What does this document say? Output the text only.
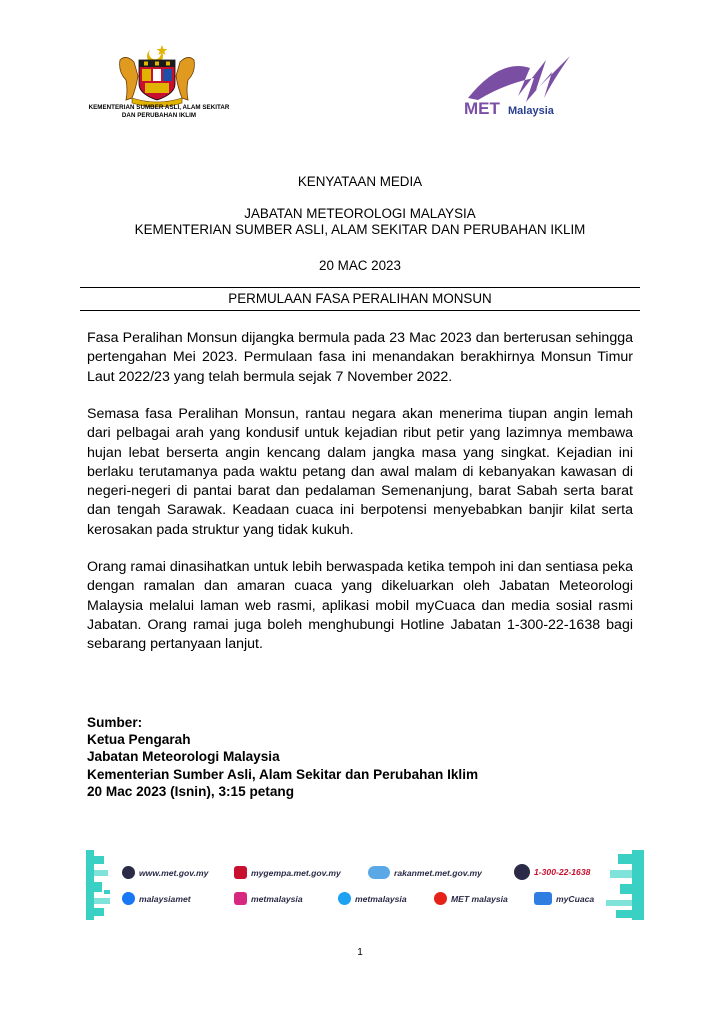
KEMENTERIAN SUMBER ASLI, ALAM SEKITAR
DAN PERUBAHAN IKLIM	MET Malaysia
KENYATAAN MEDIA
JABATAN METEOROLOGI MALAYSIA
KEMENTERIAN SUMBER ASLI, ALAM SEKITAR DAN PERUBAHAN IKLIM
20 MAC 2023
PERMULAAN FASA PERALIHAN MONSUN

Fasa Peralihan Monsun dijangka bermula pada 23 Mac 2023 dan berterusan sehingga pertengahan Mei 2023. Permulaan fasa ini menandakan berakhirnya Monsun Timur Laut 2022/23 yang telah bermula sejak 7 November 2022.

Semasa fasa Peralihan Monsun, rantau negara akan menerima tiupan angin lemah dari pelbagai arah yang kondusif untuk kejadian ribut petir yang lazimnya membawa hujan lebat berserta angin kencang dalam jangka masa yang singkat. Kejadian ini berlaku terutamanya pada waktu petang dan awal malam di kebanyakan kawasan di negeri-negeri di pantai barat dan pedalaman Semenanjung, barat Sabah serta barat dan tengah Sarawak. Keadaan cuaca ini berpotensi menyebabkan banjir kilat serta kerosakan pada struktur yang tidak kukuh.

Orang ramai dinasihatkan untuk lebih berwaspada ketika tempoh ini dan sentiasa peka dengan ramalan dan amaran cuaca yang dikeluarkan oleh Jabatan Meteorologi Malaysia melalui laman web rasmi, aplikasi mobil myCuaca dan media sosial rasmi Jabatan. Orang ramai juga boleh menghubungi Hotline Jabatan 1-300-22-1638 bagi sebarang pertanyaan lanjut.

Sumber:
Ketua Pengarah
Jabatan Meteorologi Malaysia
Kementerian Sumber Asli, Alam Sekitar dan Perubahan Iklim
20 Mac 2023 (Isnin), 3:15 petang
www.met.gov.my	mygempa.met.gov.my	rakanmet.met.gov.my	1-300-22-1638
malaysiamet	metmalaysia	metmalaysia	MET malaysia	myCuaca
1
